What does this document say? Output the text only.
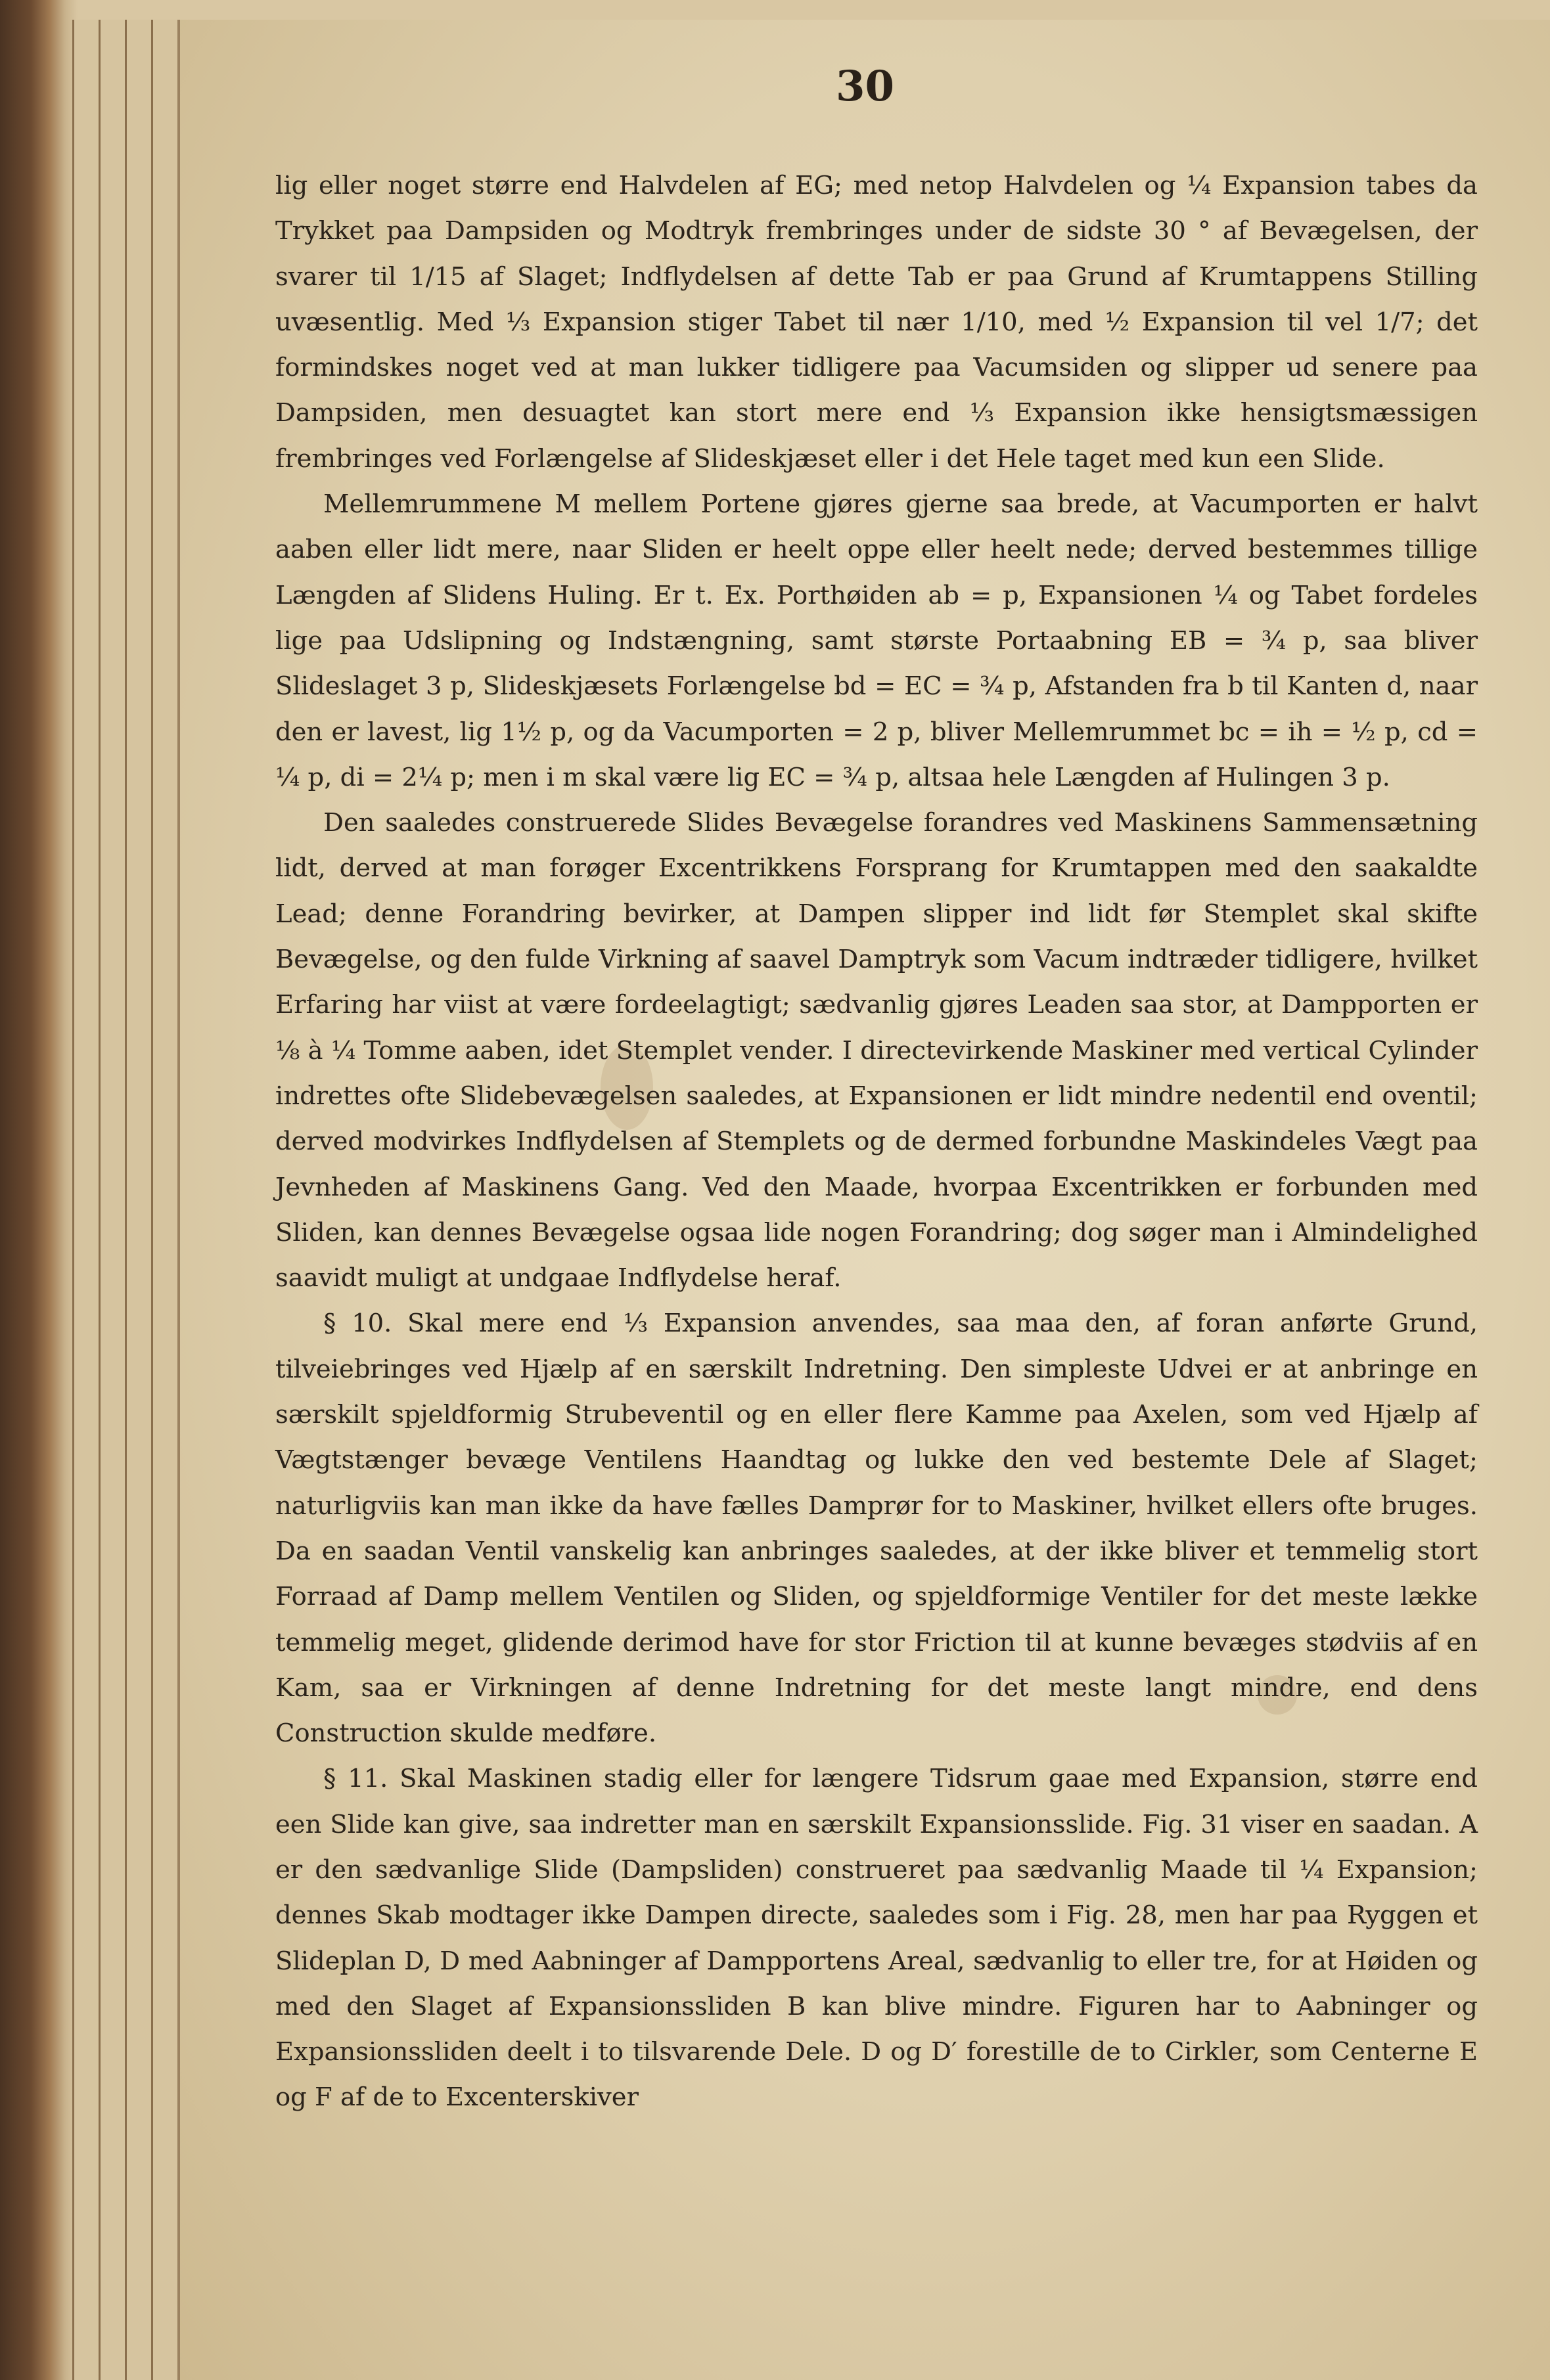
30

lig eller noget større end Halvdelen af EG; med netop Halvdelen og ¼ Expansion tabes da Trykket paa Dampsiden og Modtryk frembringes under de sidste 30 ° af Bevægelsen, der svarer til 1/15 af Slaget; Indflydelsen af dette Tab er paa Grund af Krumtappens Stilling uvæsentlig. Med ⅓ Expansion stiger Tabet til nær 1/10, med ½ Expansion til vel 1/7; det formindskes noget ved at man lukker tidligere paa Vacumsiden og slipper ud senere paa Dampsiden, men desuagtet kan stort mere end ⅓ Expansion ikke hensigtsmæssigen frembringes ved Forlængelse af Slideskjæset eller i det Hele taget med kun een Slide.

Mellemrummene M mellem Portene gjøres gjerne saa brede, at Vacumporten er halvt aaben eller lidt mere, naar Sliden er heelt oppe eller heelt nede; derved bestemmes tillige Længden af Slidens Huling. Er t. Ex. Porthøiden ab = p, Expansionen ¼ og Tabet fordeles lige paa Udslipning og Indstængning, samt største Portaabning EB = ¾ p, saa bliver Slideslaget 3 p, Slideskjæsets Forlængelse bd = EC = ¾ p, Afstanden fra b til Kanten d, naar den er lavest, lig 1½ p, og da Vacumporten = 2 p, bliver Mellemrummet bc = ih = ½ p, cd = ¼ p, di = 2¼ p; men i m skal være lig EC = ¾ p, altsaa hele Længden af Hulingen 3 p.

Den saaledes construerede Slides Bevægelse forandres ved Maskinens Sammensætning lidt, derved at man forøger Excentrikkens Forsprang for Krumtappen med den saakaldte Lead; denne Forandring bevirker, at Dampen slipper ind lidt før Stemplet skal skifte Bevægelse, og den fulde Virkning af saavel Damptryk som Vacum indtræder tidligere, hvilket Erfaring har viist at være fordeelagtigt; sædvanlig gjøres Leaden saa stor, at Dampporten er ⅛ à ¼ Tomme aaben, idet Stemplet vender. I directevirkende Maskiner med vertical Cylinder indrettes ofte Slidebevægelsen saaledes, at Expansionen er lidt mindre nedentil end oventil; derved modvirkes Indflydelsen af Stemplets og de dermed forbundne Maskindeles Vægt paa Jevnheden af Maskinens Gang. Ved den Maade, hvorpaa Excentrikken er forbunden med Sliden, kan dennes Bevægelse ogsaa lide nogen Forandring; dog søger man i Almindelighed saavidt muligt at undgaae Indflydelse heraf.

§ 10. Skal mere end ⅓ Expansion anvendes, saa maa den, af foran anførte Grund, tilveiebringes ved Hjælp af en særskilt Indretning. Den simpleste Udvei er at anbringe en særskilt spjeldformig Strubeventil og en eller flere Kamme paa Axelen, som ved Hjælp af Vægtstænger bevæge Ventilens Haandtag og lukke den ved bestemte Dele af Slaget; naturligviis kan man ikke da have fælles Damprør for to Maskiner, hvilket ellers ofte bruges. Da en saadan Ventil vanskelig kan anbringes saaledes, at der ikke bliver et temmelig stort Forraad af Damp mellem Ventilen og Sliden, og spjeldformige Ventiler for det meste lække temmelig meget, glidende derimod have for stor Friction til at kunne bevæges stødviis af en Kam, saa er Virkningen af denne Indretning for det meste langt mindre, end dens Construction skulde medføre.

§ 11. Skal Maskinen stadig eller for længere Tidsrum gaae med Expansion, større end een Slide kan give, saa indretter man en særskilt Expansionsslide. Fig. 31 viser en saadan. A er den sædvanlige Slide (Dampsliden) construeret paa sædvanlig Maade til ¼ Expansion; dennes Skab modtager ikke Dampen directe, saaledes som i Fig. 28, men har paa Ryggen et Slideplan D, D med Aabninger af Dampportens Areal, sædvanlig to eller tre, for at Høiden og med den Slaget af Expansionssliden B kan blive mindre. Figuren har to Aabninger og Expansionssliden deelt i to tilsvarende Dele. D og D′ forestille de to Cirkler, som Centerne E og F af de to Excenterskiver
